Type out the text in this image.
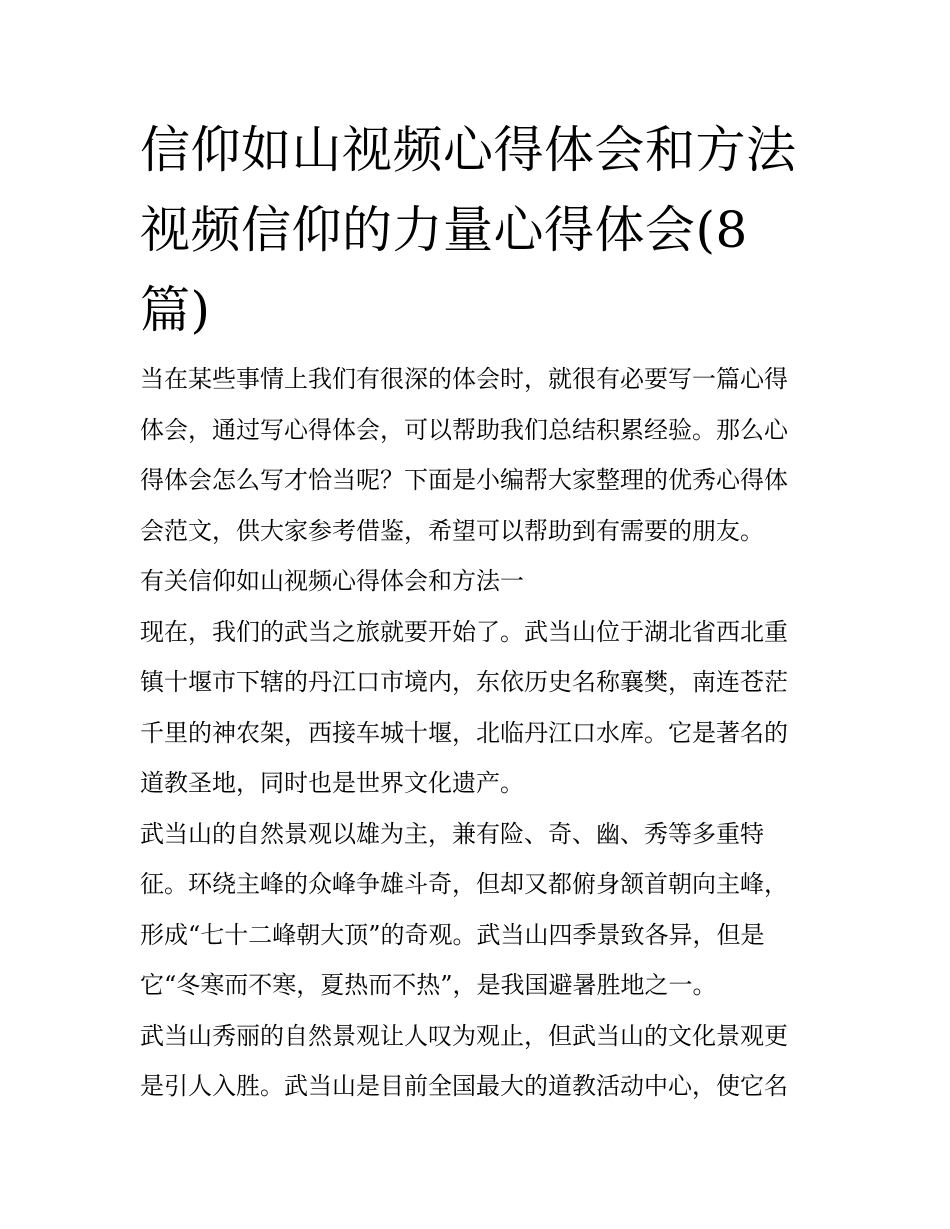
信仰如山视频心得体会和方法
视频信仰的力量心得体会(8
篇)

当在某些事情上我们有很深的体会时，就很有必要写一篇心得
体会，通过写心得体会，可以帮助我们总结积累经验。那么心
得体会怎么写才恰当呢？下面是小编帮大家整理的优秀心得体
会范文，供大家参考借鉴，希望可以帮助到有需要的朋友。

有关信仰如山视频心得体会和方法一

现在，我们的武当之旅就要开始了。武当山位于湖北省西北重
镇十堰市下辖的丹江口市境内，东依历史名称襄樊，南连苍茫
千里的神农架，西接车城十堰，北临丹江口水库。它是著名的
道教圣地，同时也是世界文化遗产。

武当山的自然景观以雄为主，兼有险、奇、幽、秀等多重特
征。环绕主峰的众峰争雄斗奇，但却又都俯身颔首朝向主峰，
形成“七十二峰朝大顶”的奇观。武当山四季景致各异，但是
它“冬寒而不寒，夏热而不热”，是我国避暑胜地之一。

武当山秀丽的自然景观让人叹为观止，但武当山的文化景观更
是引人入胜。武当山是目前全国最大的道教活动中心，使它名
